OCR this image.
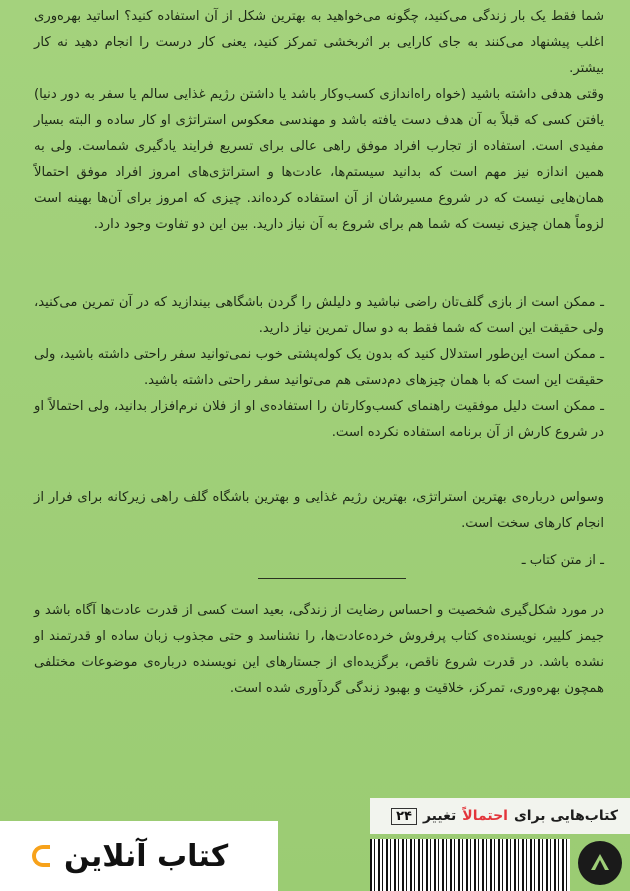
شما فقط یک بار زندگی می‌کنید، چگونه می‌خواهید به بهترین شکل از آن استفاده کنید؟ اساتید بهره‌وری اغلب پیشنهاد می‌کنند به جای کارایی بر اثربخشی تمرکز کنید، یعنی کار درست را انجام دهید نه کار بیشتر.

وقتی هدفی داشته باشید (خواه راه‌اندازی کسب‌وکار باشد یا داشتن رژیم غذایی سالم یا سفر به دور دنیا) یافتن کسی که قبلاً به آن هدف دست یافته باشد و مهندسی معکوس استراتژی او کار ساده و البته بسیار مفیدی است. استفاده از تجارب افراد موفق راهی عالی برای تسریع فرایند یادگیری شماست. ولی به همین اندازه نیز مهم است که بدانید سیستم‌ها، عادت‌ها و استراتژی‌های امروز افراد موفق احتمالاً همان‌هایی نیست که در شروع مسیرشان از آن استفاده کرده‌اند. چیزی که امروز برای آن‌ها بهینه است لزوماً همان چیزی نیست که شما هم برای شروع به آن نیاز دارید. بین این دو تفاوت وجود دارد.

ـ ممکن است از بازی گلف‌تان راضی نباشید و دلیلش را گردن باشگاهی بیندازید که در آن تمرین می‌کنید، ولی حقیقت این است که شما فقط به دو سال تمرین نیاز دارید.

ـ ممکن است این‌طور استدلال کنید که بدون یک کوله‌پشتی خوب نمی‌توانید سفر راحتی داشته باشید، ولی حقیقت این است که با همان چیزهای دم‌دستی هم می‌توانید سفر راحتی داشته باشید.

ـ ممکن است دلیل موفقیت راهنمای کسب‌وکارتان را استفاده‌ی او از فلان نرم‌افزار بدانید، ولی احتمالاً او در شروع کارش از آن برنامه استفاده نکرده است.

وسواس درباره‌ی بهترین استراتژی، بهترین رژیم غذایی و بهترین باشگاه گلف راهی زیرکانه برای فرار از انجام کارهای سخت است.

ـ از متن کتاب ـ

در مورد شکل‌گیری شخصیت و احساس رضایت از زندگی، بعید است کسی از قدرت عادت‌ها آگاه باشد و جیمز کلییر، نویسنده‌ی کتاب پرفروش خرده‌عادت‌ها، را نشناسد و حتی مجذوب زبان ساده او قدرتمند او نشده باشد. در قدرت شروع ناقص، برگزیده‌ای از جستارهای این نویسنده درباره‌ی موضوعات مختلفی همچون بهره‌وری، تمرکز، خلاقیت و بهبود زندگی گردآوری شده است.

کتاب‌هایی برای
احتمالاً
تغییر
۲۴
کتاب آنلاین
